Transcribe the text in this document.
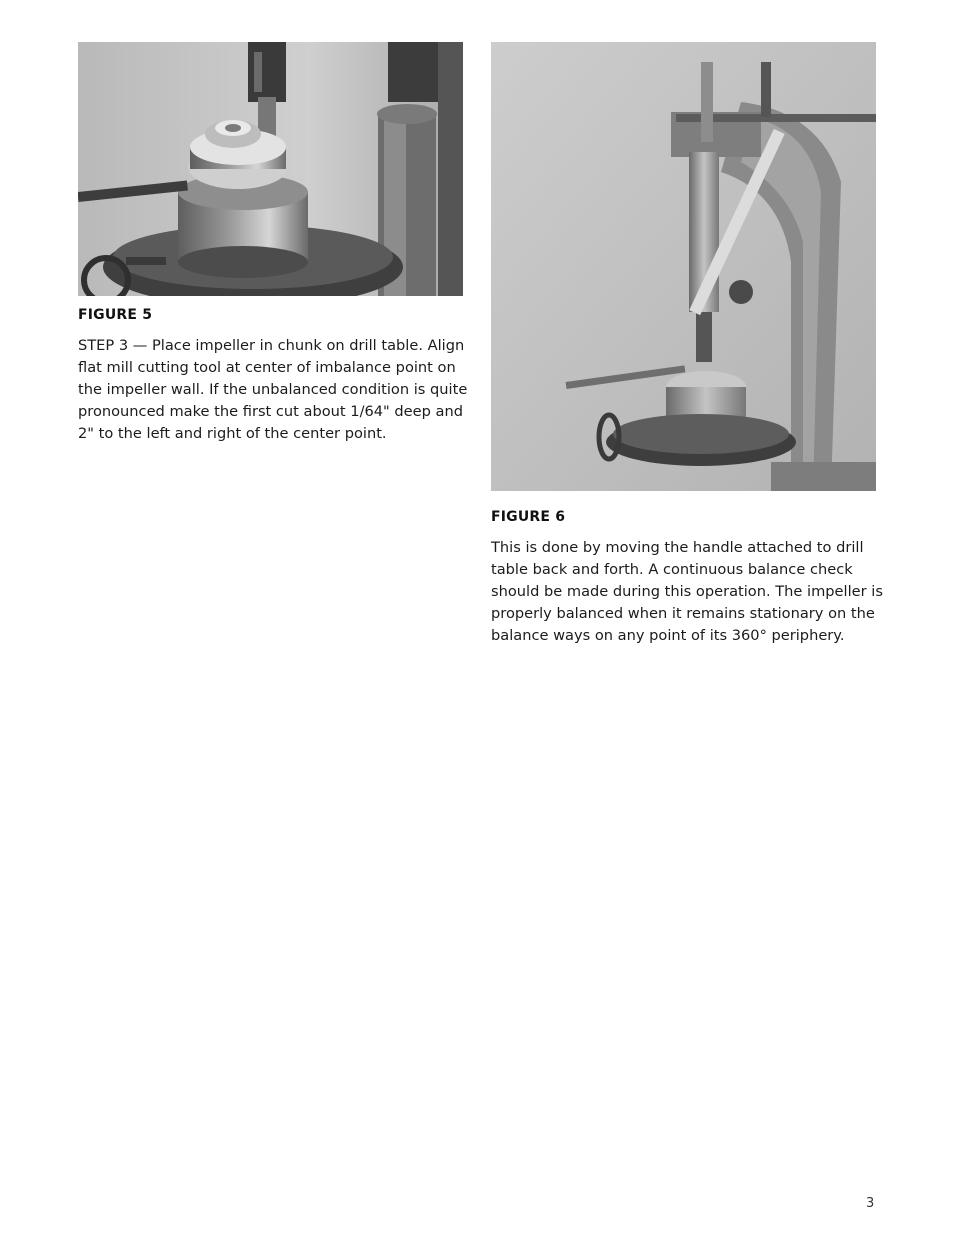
FIGURE 5

STEP 3 — Place impeller in chunk on drill table. Align
flat mill cutting tool at center of imbalance point on
the impeller wall. If the unbalanced condition is quite
pronounced make the first cut about 1/64" deep and
2" to the left and right of the center point.

FIGURE 6

This is done by moving the handle attached to drill
table back and forth. A continuous balance check
should be made during this operation. The impeller is
properly balanced when it remains stationary on the
balance ways on any point of its 360° periphery.

3
